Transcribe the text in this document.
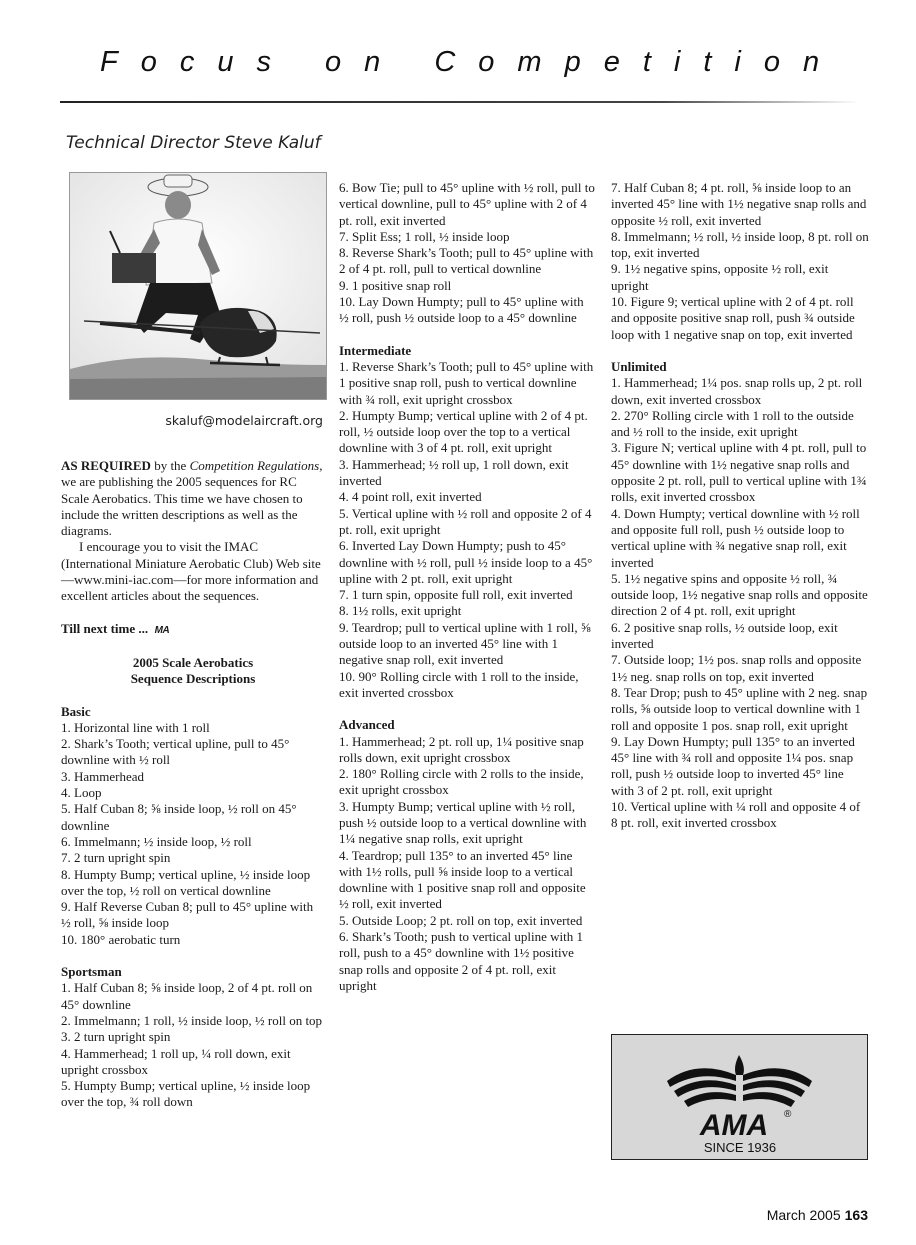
Focus on Competition
Technical Director Steve Kaluf
skaluf@modelaircraft.org

AS REQUIRED by the Competition Regulations, we are publishing the 2005 sequences for RC Scale Aerobatics. This time we have chosen to include the written descriptions as well as the diagrams.

I encourage you to visit the IMAC (International Miniature Aerobatic Club) Web site—www.mini-iac.com—for more information and excellent articles about the sequences.

Till next time ... MA

2005 Scale Aerobatics

Sequence Descriptions

Basic

1. Horizontal line with 1 roll

2. Shark’s Tooth; vertical upline, pull to 45° downline with ½ roll

3. Hammerhead

4. Loop

5. Half Cuban 8; ⅝ inside loop, ½ roll on 45° downline

6. Immelmann; ½ inside loop, ½ roll

7. 2 turn upright spin

8. Humpty Bump; vertical upline, ½ inside loop over the top, ½ roll on vertical downline

9. Half Reverse Cuban 8; pull to 45° upline with ½ roll, ⅝ inside loop

10. 180° aerobatic turn

Sportsman

1. Half Cuban 8; ⅝ inside loop, 2 of 4 pt. roll on 45° downline

2. Immelmann; 1 roll, ½ inside loop, ½ roll on top

3. 2 turn upright spin

4. Hammerhead; 1 roll up, ¼ roll down, exit upright crossbox

5. Humpty Bump; vertical upline, ½ inside loop over the top, ¾ roll down

6. Bow Tie; pull to 45° upline with ½ roll, pull to vertical downline, pull to 45° upline with 2 of 4 pt. roll, exit inverted

7. Split Ess; 1 roll, ½ inside loop

8. Reverse Shark’s Tooth; pull to 45° upline with 2 of 4 pt. roll, pull to vertical downline

9. 1 positive snap roll

10. Lay Down Humpty; pull to 45° upline with ½ roll, push ½ outside loop to a 45° downline

Intermediate

1. Reverse Shark’s Tooth; pull to 45° upline with 1 positive snap roll, push to vertical downline with ¾ roll, exit upright crossbox

2. Humpty Bump; vertical upline with 2 of 4 pt. roll, ½ outside loop over the top to a vertical downline with 3 of 4 pt. roll, exit upright

3. Hammerhead; ½ roll up, 1 roll down, exit inverted

4. 4 point roll, exit inverted

5. Vertical upline with ½ roll and opposite 2 of 4 pt. roll, exit upright

6. Inverted Lay Down Humpty; push to 45° downline with ½ roll, pull ½ inside loop to a 45° upline with 2 pt. roll, exit upright

7. 1 turn spin, opposite full roll, exit inverted

8. 1½ rolls, exit upright

9. Teardrop; pull to vertical upline with 1 roll, ⅝ outside loop to an inverted 45° line with 1 negative snap roll, exit inverted

10. 90° Rolling circle with 1 roll to the inside, exit inverted crossbox

Advanced

1. Hammerhead; 2 pt. roll up, 1¼ positive snap rolls down, exit upright crossbox

2. 180° Rolling circle with 2 rolls to the inside, exit upright crossbox

3. Humpty Bump; vertical upline with ½ roll, push ½ outside loop to a vertical downline with 1¼ negative snap rolls, exit upright

4. Teardrop; pull 135° to an inverted 45° line with 1½ rolls, pull ⅝ inside loop to a vertical downline with 1 positive snap roll and opposite ½ roll, exit inverted

5. Outside Loop; 2 pt. roll on top, exit inverted

6. Shark’s Tooth; push to vertical upline with 1 roll, push to a 45° downline with 1½ positive snap rolls and opposite 2 of 4 pt. roll, exit upright

7. Half Cuban 8; 4 pt. roll, ⅝ inside loop to an inverted 45° line with 1½ negative snap rolls and opposite ½ roll, exit inverted

8. Immelmann; ½ roll, ½ inside loop, 8 pt. roll on top, exit inverted

9. 1½ negative spins, opposite ½ roll, exit upright

10. Figure 9; vertical upline with 2 of 4 pt. roll and opposite positive snap roll, push ¾ outside loop with 1 negative snap on top, exit inverted

Unlimited

1. Hammerhead; 1¼ pos. snap rolls up, 2 pt. roll down, exit inverted crossbox

2. 270° Rolling circle with 1 roll to the outside and ½ roll to the inside, exit upright

3. Figure N; vertical upline with 4 pt. roll, pull to 45° downline with 1½ negative snap rolls and opposite 2 pt. roll, pull to vertical upline with 1¾ rolls, exit inverted crossbox

4. Down Humpty; vertical downline with ½ roll and opposite full roll, push ½ outside loop to vertical upline with ¾ negative snap roll, exit inverted

5. 1½ negative spins and opposite ½ roll, ¾ outside loop, 1½ negative snap rolls and opposite direction 2 of 4 pt. roll, exit upright

6. 2 positive snap rolls, ½ outside loop, exit inverted

7. Outside loop; 1½ pos. snap rolls and opposite 1½ neg. snap rolls on top, exit inverted

8. Tear Drop; push to 45° upline with 2 neg. snap rolls, ⅝ outside loop to vertical downline with 1 roll and opposite 1 pos. snap roll, exit upright

9. Lay Down Humpty; pull 135° to an inverted 45° line with ¾ roll and opposite 1¼ pos. snap roll, push ½ outside loop to inverted 45° line with 3 of 2 pt. roll, exit upright

10. Vertical upline with ¼ roll and opposite 4 of 8 pt. roll, exit inverted crossbox

AMA ®
SINCE 1936
March 2005 163
